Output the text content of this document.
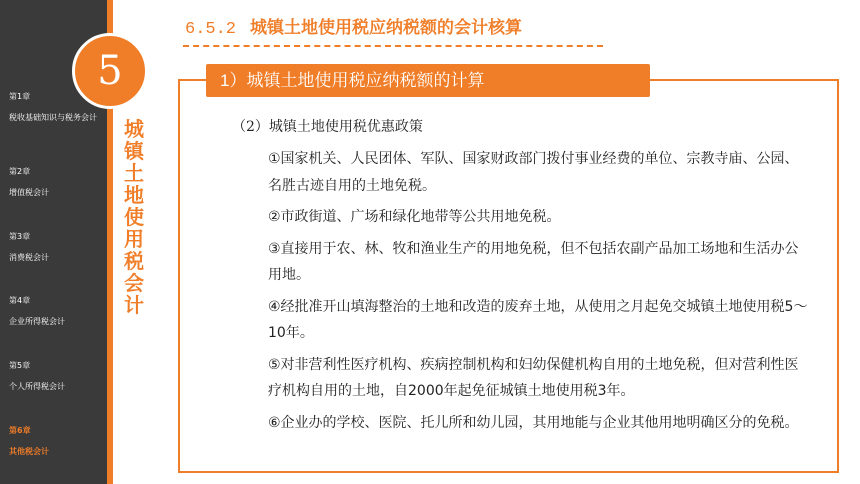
5
第1章
税收基础知识与税务会计
第2章
增值税会计
第3章
消费税会计
第4章
企业所得税会计
第5章
个人所得税会计
第6章
其他税会计
城镇土地使用税会计
6.5.2 城镇土地使用税应纳税额的会计核算
1）城镇土地使用税应纳税额的计算
（2）城镇土地使用税优惠政策

①国家机关、人民团体、军队、国家财政部门拨付事业经费的单位、宗教寺庙、公园、名胜古迹自用的土地免税。

②市政街道、广场和绿化地带等公共用地免税。

③直接用于农、林、牧和渔业生产的用地免税，但不包括农副产品加工场地和生活办公用地。

④经批准开山填海整治的土地和改造的废弃土地，从使用之月起免交城镇土地使用税5～10年。

⑤对非营利性医疗机构、疾病控制机构和妇幼保健机构自用的土地免税，但对营利性医疗机构自用的土地，自2000年起免征城镇土地使用税3年。

⑥企业办的学校、医院、托儿所和幼儿园，其用地能与企业其他用地明确区分的免税。
